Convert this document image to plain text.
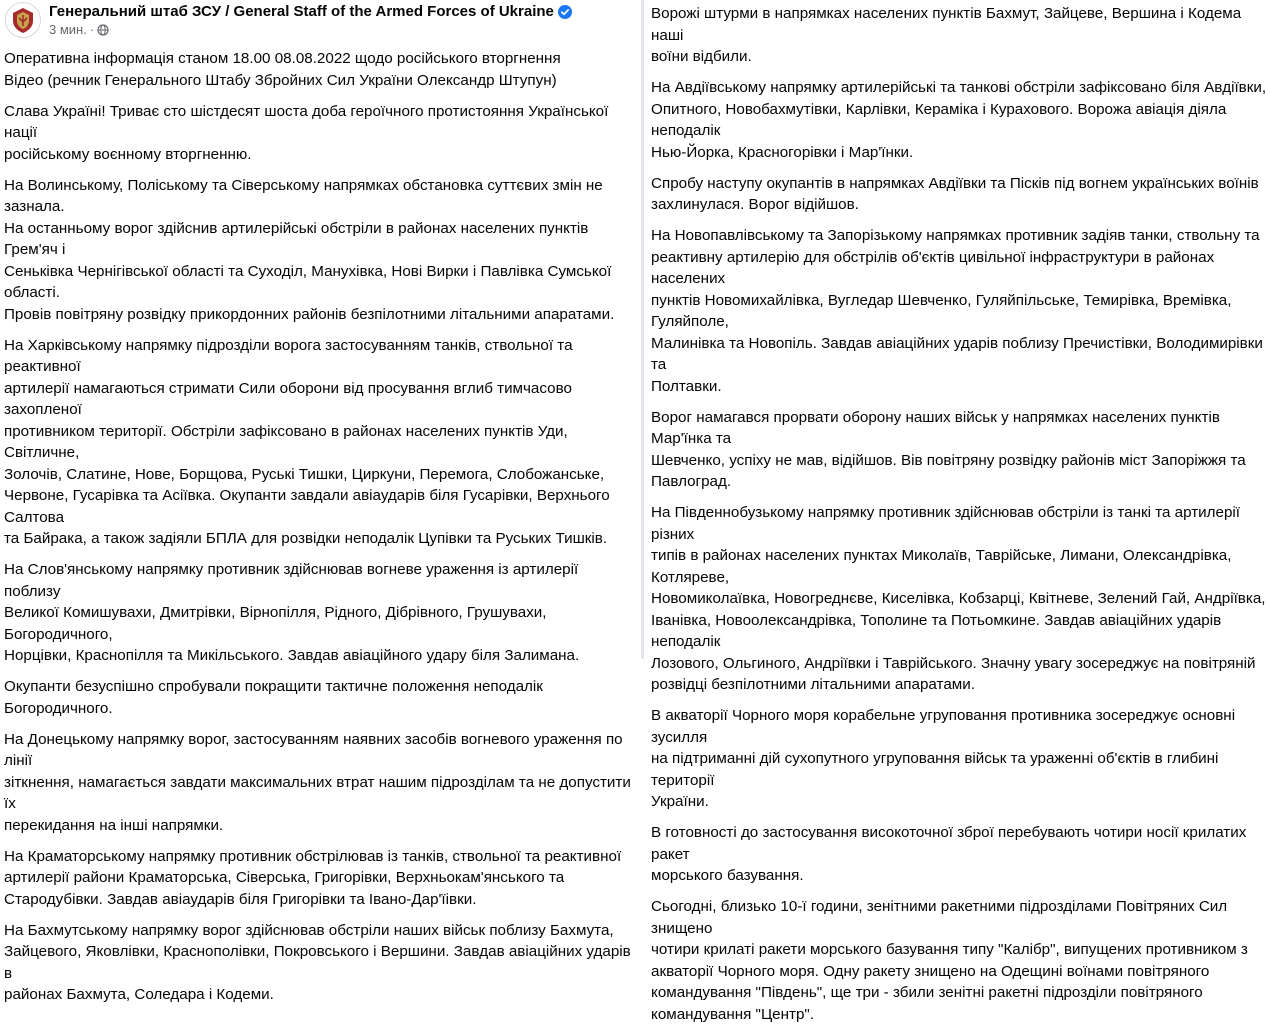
Генеральний штаб ЗСУ / General Staff of the Armed Forces of Ukraine
3 мин. ·

Оперативна інформація станом 18.00 08.08.2022 щодо російського вторгнення
Відео (речник Генерального Штабу Збройних Сил України Олександр Штупун)

Слава Україні! Триває сто шістдесят шоста доба героїчного протистояння Української нації
російському воєнному вторгненню.

На Волинському, Поліському та Сіверському напрямках обстановка суттєвих змін не зазнала.
На останньому ворог здійснив артилерійські обстріли в районах населених пунктів Грем'яч і
Сеньківка Чернігівської області та Суходіл, Манухівка, Нові Вирки і Павлівка Сумської області.
Провів повітряну розвідку прикордонних районів безпілотними літальними апаратами.

На Харківському напрямку підрозділи ворога застосуванням танків, ствольної та реактивної
артилерії намагаються стримати Сили оборони від просування вглиб тимчасово захопленої
противником території. Обстріли зафіксовано в районах населених пунктів Уди, Світличне,
Золочів, Слатине, Нове, Борщова, Руські Тишки, Циркуни, Перемога, Слобожанське,
Червоне, Гусарівка та Асіївка. Окупанти завдали авіаударів біля Гусарівки, Верхнього Салтова
та Байрака, а також задіяли БПЛА для розвідки неподалік Цупівки та Руських Тишків.

На Слов'янському напрямку противник здійснював вогневе ураження із артилерії поблизу
Великої Комишувахи, Дмитрівки, Вірнопілля, Рідного, Дібрівного, Грушувахи, Богородичного,
Норцівки, Краснопілля та Микільського. Завдав авіаційного удару біля Залимана.

Окупанти безуспішно спробували покращити тактичне положення неподалік
Богородичного.

На Донецькому напрямку ворог, застосуванням наявних засобів вогневого ураження по лінії
зіткнення, намагається завдати максимальних втрат нашим підрозділам та не допустити їх
перекидання на інші напрямки.

На Краматорському напрямку противник обстрілював із танків, ствольної та реактивної
артилерії райони Краматорська, Сіверська, Григорівки, Верхньокам'янського та
Стародубівки. Завдав авіаударів біля Григорівки та Івано-Дар'їівки.

На Бахмутському напрямку ворог здійснював обстріли наших військ поблизу Бахмута,
Зайцевого, Яковлівки, Краснополівки, Покровського і Вершини. Завдав авіаційних ударів в
районах Бахмута, Соледара і Кодеми.

Ворожі штурми в напрямках населених пунктів Бахмут, Зайцеве, Вершина і Кодема наші
воїни відбили.

На Авдіївському напрямку артилерійські та танкові обстріли зафіксовано біля Авдіївки,
Опитного, Новобахмутівки, Карлівки, Кераміка і Курахового. Ворожа авіація діяла неподалік
Нью-Йорка, Красногорівки і Мар'їнки.

Спробу наступу окупантів в напрямках Авдіївки та Пісків під вогнем українських воїнів
захлинулася. Ворог відійшов.

На Новопавлівському та Запорізькому напрямках противник задіяв танки, ствольну та
реактивну артилерію для обстрілів об'єктів цивільної інфраструктури в районах населених
пунктів Новомихайлівка, Вугледар Шевченко, Гуляйпільське, Темирівка, Времівка, Гуляйполе,
Малинівка та Новопіль. Завдав авіаційних ударів поблизу Пречистівки, Володимирівки та
Полтавки.

Ворог намагався прорвати оборону наших військ у напрямках населених пунктів Мар'їнка та
Шевченко, успіху не мав, відійшов. Вів повітряну розвідку районів міст Запоріжжя та
Павлоград.

На Південнобузькому напрямку противник здійснював обстріли із танкі та артилерії різних
типів в районах населених пунктах Миколаїв, Таврійське, Лимани, Олександрівка, Котляреве,
Новомиколаївка, Новогреднєве, Киселівка, Кобзарці, Квітневе, Зелений Гай, Андріївка,
Іванівка, Новоолександрівка, Тополине та Потьомкине. Завдав авіаційних ударів неподалік
Лозового, Ольгиного, Андріївки і Таврійського. Значну увагу зосереджує на повітряній
розвідці безпілотними літальними апаратами.

В акваторії Чорного моря корабельне угруповання противника зосереджує основні зусилля
на підтриманні дій сухопутного угруповання військ та ураженні об'єктів в глибині території
України.

В готовності до застосування високоточної зброї перебувають чотири носії крилатих ракет
морського базування.

Сьогодні, близько 10-ї години, зенітними ракетними підрозділами Повітряних Сил знищено
чотири крилаті ракети морського базування типу "Калібр", випущених противником з
акваторії Чорного моря. Одну ракету знищено на Одещині воїнами повітряного
командування "Південь", ще три - збили зенітні ракетні підрозділи повітряного
командування "Центр".
